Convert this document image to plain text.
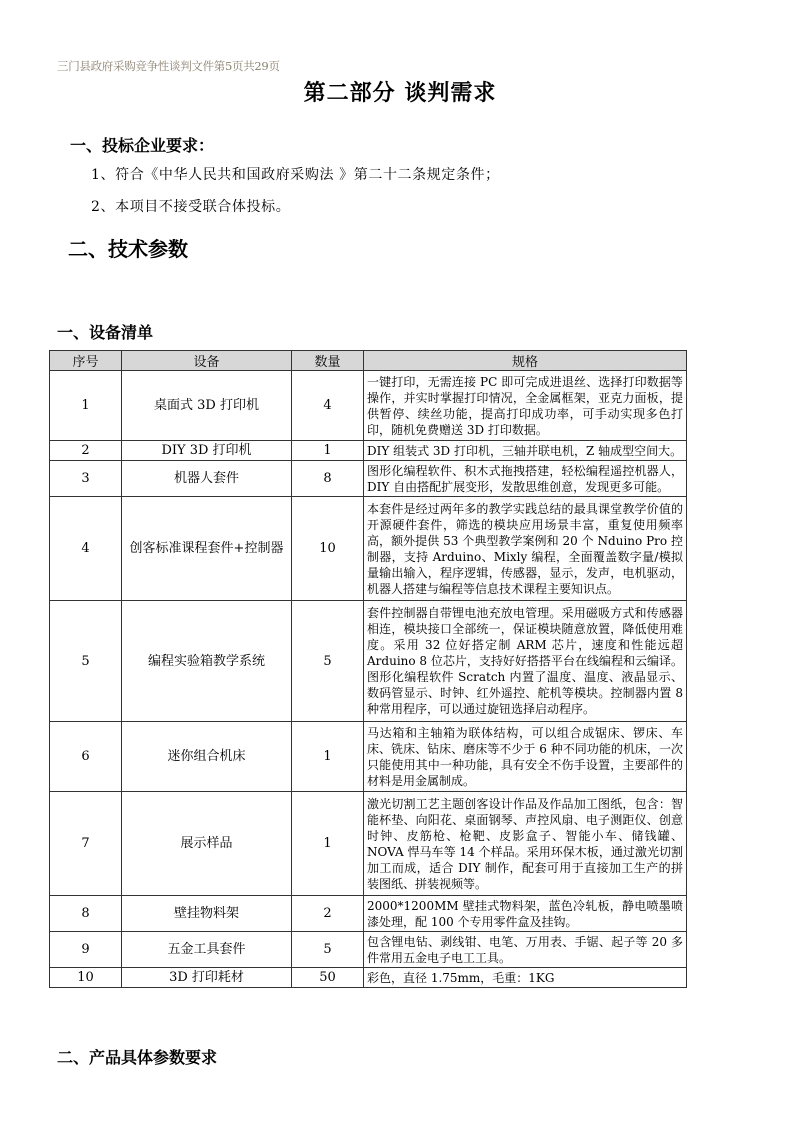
三门县政府采购竞争性谈判文件第5页共29页
第二部分 谈判需求
一、投标企业要求：
1、符合《中华人民共和国政府采购法 》第二十二条规定条件；
2、本项目不接受联合体投标。
二、技术参数
一、设备清单
序号	设备	数量	规格
1	桌面式 3D 打印机	4	一键打印，无需连接 PC 即可完成进退丝、选择打印数据等操作，并实时掌握打印情况，全金属框架，亚克力面板，提供暂停、续丝功能，提高打印成功率，可手动实现多色打印，随机免费赠送 3D 打印数据。
2	DIY 3D 打印机	1	DIY 组装式 3D 打印机，三轴并联电机，Z 轴成型空间大。
3	机器人套件	8	图形化编程软件、积木式拖拽搭建，轻松编程遥控机器人，DIY 自由搭配扩展变形，发散思维创意，发现更多可能。
4	创客标准课程套件+控制器	10	本套件是经过两年多的教学实践总结的最具课堂教学价值的开源硬件套件，筛选的模块应用场景丰富，重复使用频率高，额外提供 53 个典型教学案例和 20 个 Nduino Pro 控制器，支持 Arduino、Mixly 编程，全面覆盖数字量/模拟量输出输入，程序逻辑，传感器，显示，发声，电机驱动，机器人搭建与编程等信息技术课程主要知识点。
5	编程实验箱教学系统	5	套件控制器自带锂电池充放电管理。采用磁吸方式和传感器相连，模块接口全部统一，保证模块随意放置，降低使用难度。采用 32 位好搭定制 ARM 芯片，速度和性能远超 Arduino 8 位芯片，支持好好搭搭平台在线编程和云编译。图形化编程软件 Scratch 内置了温度、温度、液晶显示、数码管显示、时钟、红外遥控、舵机等模块。控制器内置 8 种常用程序，可以通过旋钮选择启动程序。
6	迷你组合机床	1	马达箱和主轴箱为联体结构，可以组合成锯床、锣床、车床、铣床、钻床、磨床等不少于 6 种不同功能的机床，一次只能使用其中一种功能，具有安全不伤手设置，主要部件的材料是用金属制成。
7	展示样品	1	激光切割工艺主题创客设计作品及作品加工图纸，包含：智能杯垫、向阳花、桌面钢琴、声控风扇、电子测距仪、创意时钟、皮筋枪、枪靶、皮影盒子、智能小车、储钱罐、NOVA 悍马车等 14 个样品。采用环保木板，通过激光切割加工而成，适合 DIY 制作，配套可用于直接加工生产的拼装图纸、拼装视频等。
8	壁挂物料架	2	2000*1200MM 壁挂式物料架，蓝色冷轧板，静电喷墨喷漆处理，配 100 个专用零件盒及挂钩。
9	五金工具套件	5	包含锂电钻、剥线钳、电笔、万用表、手锯、起子等 20 多件常用五金电子电工工具。
10	3D 打印耗材	50	彩色，直径 1.75mm，毛重：1KG
二、产品具体参数要求
